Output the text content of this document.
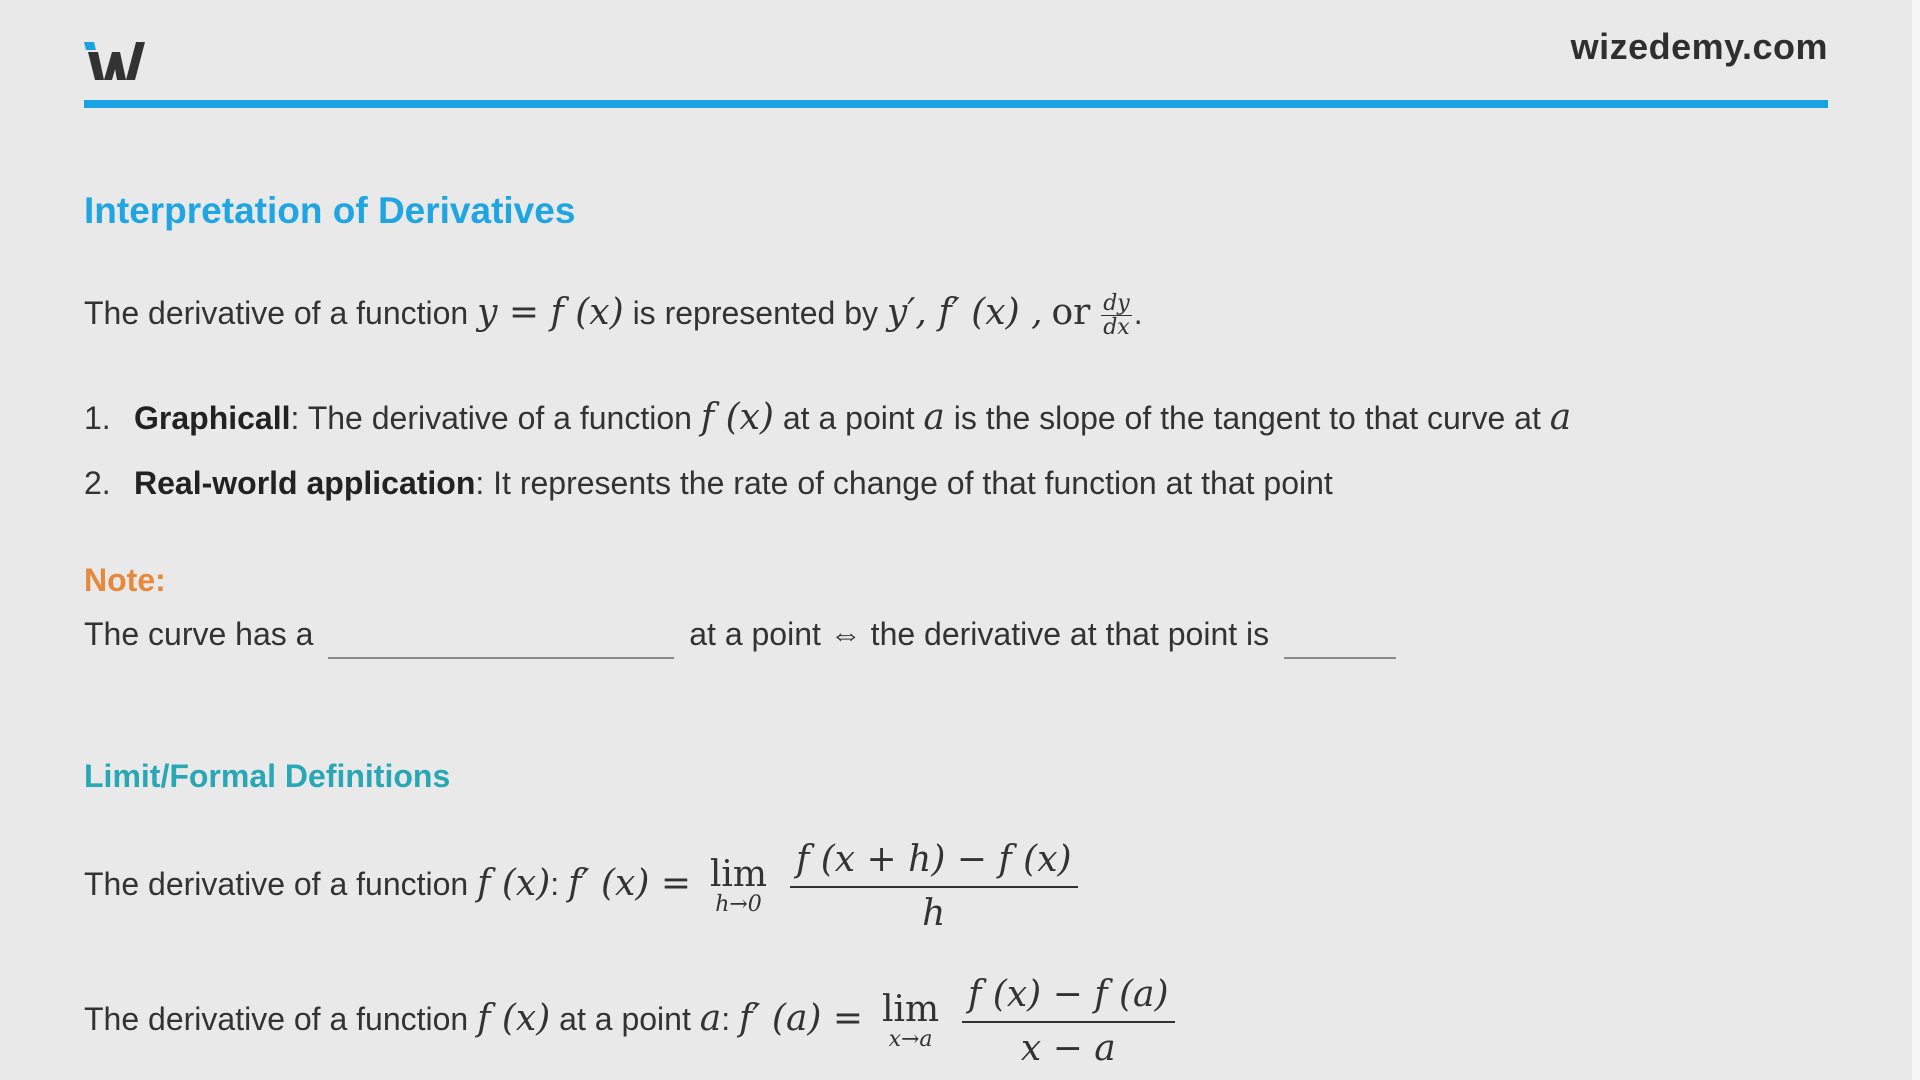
wizedemy.com
Interpretation of Derivatives
The derivative of a function y = f (x) is represented by y′, f′ (x) , or $\frac{dy}{dx}$ .
1. Graphicall: The derivative of a function f (x) at a point a is the slope of the tangent to that curve at a
2. Real-world application: It represents the rate of change of that function at that point
Note:
The curve has a	at a point ⇔ the derivative at that point is
Limit/Formal Definitions
The derivative of a function f (x): f′ (x) = lim
h→0
$\frac{f (x + h) - f (x)}{h}$
The derivative of a function f (x) at a point a: f′ (a) = lim
x→a
$\frac{f (x) - f (a)}{x - a}$
